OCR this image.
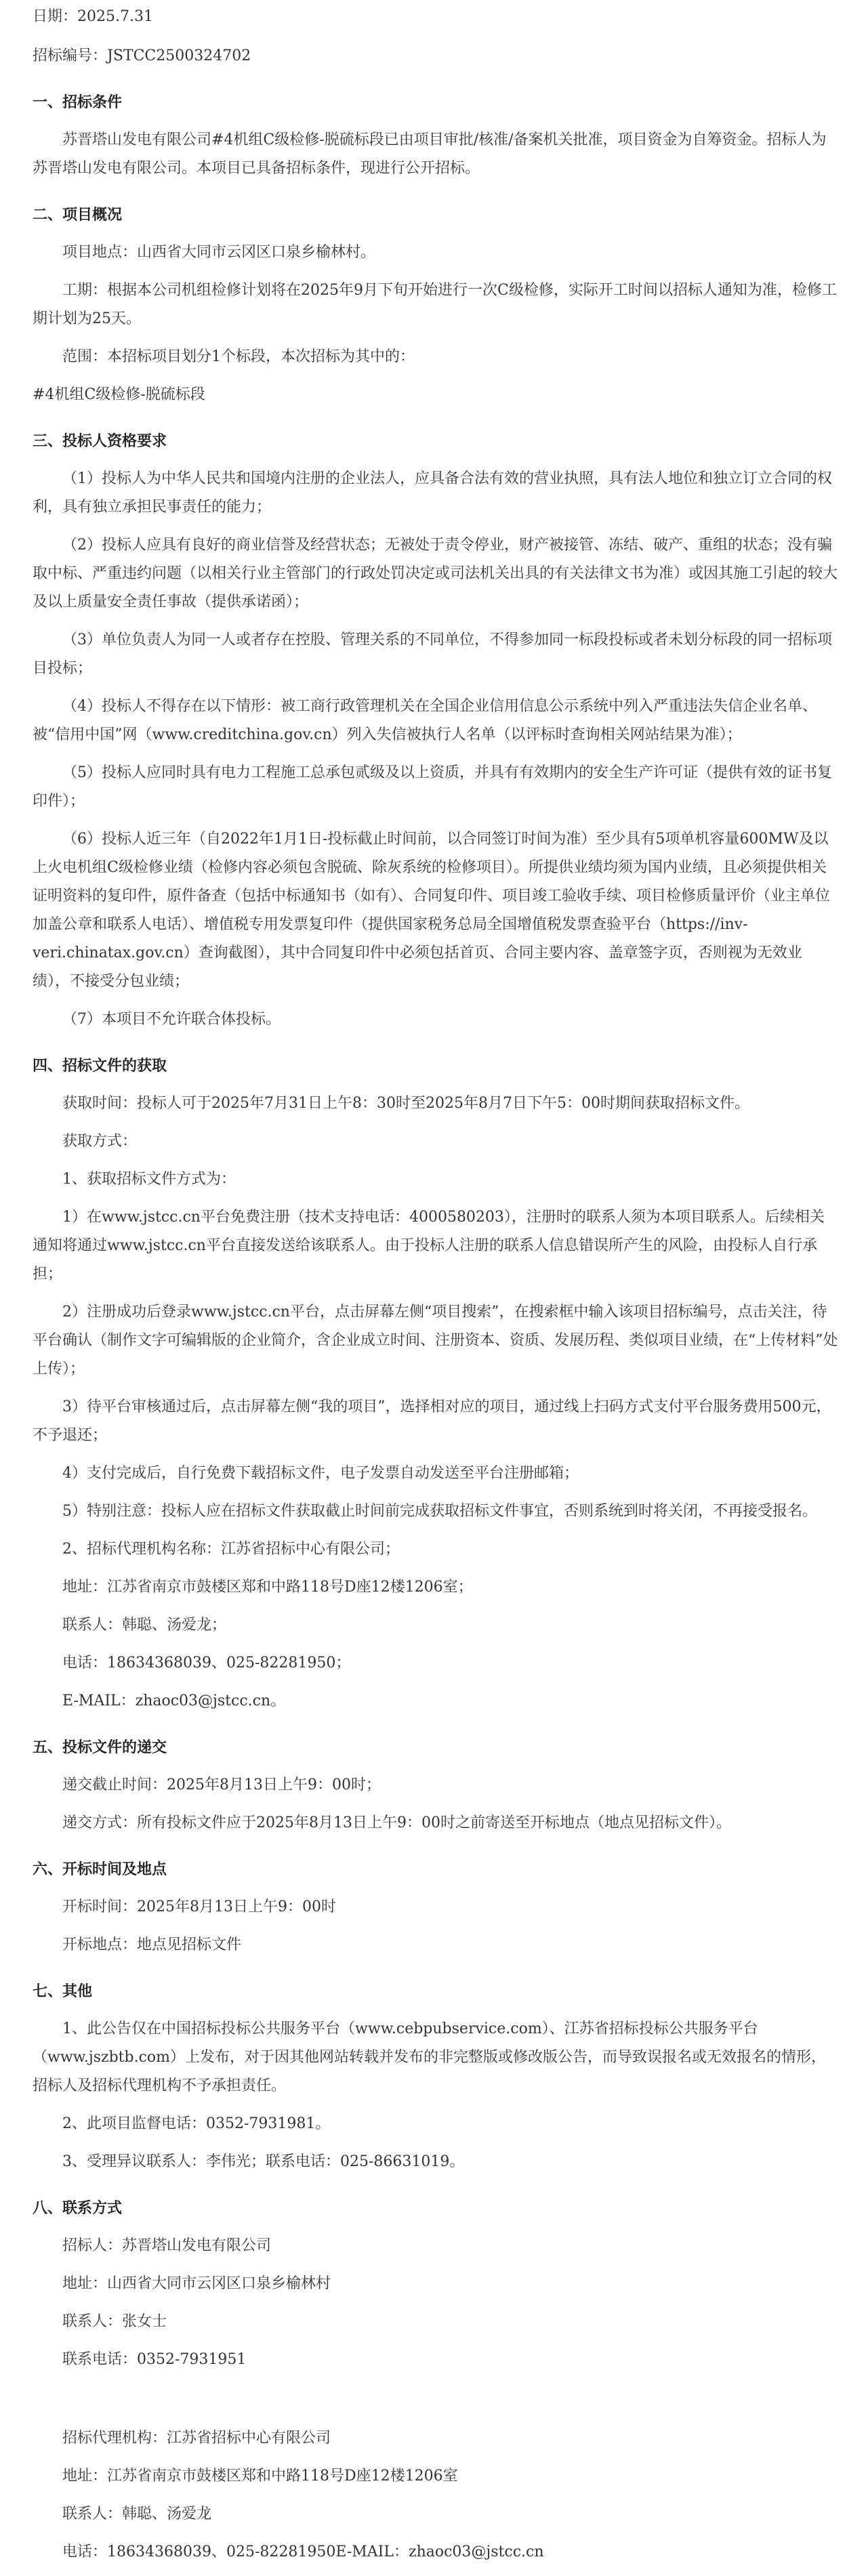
日期：2025.7.31
招标编号：JSTCC2500324702
一、招标条件
苏晋塔山发电有限公司#4机组C级检修-脱硫标段已由项目审批/核准/备案机关批准，项目资金为自筹资金。招标人为苏晋塔山发电有限公司。本项目已具备招标条件，现进行公开招标。
二、项目概况
项目地点：山西省大同市云冈区口泉乡榆林村。
工期：根据本公司机组检修计划将在2025年9月下旬开始进行一次C级检修，实际开工时间以招标人通知为准，检修工期计划为25天。
范围：本招标项目划分1个标段，本次招标为其中的：
#4机组C级检修-脱硫标段
三、投标人资格要求
（1）投标人为中华人民共和国境内注册的企业法人，应具备合法有效的营业执照，具有法人地位和独立订立合同的权利，具有独立承担民事责任的能力；
（2）投标人应具有良好的商业信誉及经营状态；无被处于责令停业，财产被接管、冻结、破产、重组的状态；没有骗取中标、严重违约问题（以相关行业主管部门的行政处罚决定或司法机关出具的有关法律文书为准）或因其施工引起的较大及以上质量安全责任事故（提供承诺函）；
（3）单位负责人为同一人或者存在控股、管理关系的不同单位，不得参加同一标段投标或者未划分标段的同一招标项目投标；
（4）投标人不得存在以下情形：被工商行政管理机关在全国企业信用信息公示系统中列入严重违法失信企业名单、被“信用中国”网（www.creditchina.gov.cn）列入失信被执行人名单（以评标时查询相关网站结果为准）；
（5）投标人应同时具有电力工程施工总承包贰级及以上资质，并具有有效期内的安全生产许可证（提供有效的证书复印件）；
（6）投标人近三年（自2022年1月1日-投标截止时间前，以合同签订时间为准）至少具有5项单机容量600MW及以上火电机组C级检修业绩（检修内容必须包含脱硫、除灰系统的检修项目）。所提供业绩均须为国内业绩，且必须提供相关证明资料的复印件，原件备查（包括中标通知书（如有）、合同复印件、项目竣工验收手续、项目检修质量评价（业主单位加盖公章和联系人电话）、增值税专用发票复印件（提供国家税务总局全国增值税发票查验平台（https://inv-veri.chinatax.gov.cn）查询截图），其中合同复印件中必须包括首页、合同主要内容、盖章签字页，否则视为无效业绩），不接受分包业绩；
（7）本项目不允许联合体投标。
四、招标文件的获取
获取时间：投标人可于2025年7月31日上午8：30时至2025年8月7日下午5：00时期间获取招标文件。
获取方式：
1、获取招标文件方式为：
1）在www.jstcc.cn平台免费注册（技术支持电话：4000580203），注册时的联系人须为本项目联系人。后续相关通知将通过www.jstcc.cn平台直接发送给该联系人。由于投标人注册的联系人信息错误所产生的风险，由投标人自行承担；
2）注册成功后登录www.jstcc.cn平台，点击屏幕左侧“项目搜索”，在搜索框中输入该项目招标编号，点击关注，待平台确认（制作文字可编辑版的企业简介，含企业成立时间、注册资本、资质、发展历程、类似项目业绩，在“上传材料”处上传）；
3）待平台审核通过后，点击屏幕左侧“我的项目”，选择相对应的项目，通过线上扫码方式支付平台服务费用500元，不予退还；
4）支付完成后，自行免费下载招标文件，电子发票自动发送至平台注册邮箱；
5）特别注意：投标人应在招标文件获取截止时间前完成获取招标文件事宜，否则系统到时将关闭，不再接受报名。
2、招标代理机构名称：江苏省招标中心有限公司；
地址：江苏省南京市鼓楼区郑和中路118号D座12楼1206室；
联系人：韩聪、汤爱龙；
电话：18634368039、025-82281950；
E-MAIL：zhaoc03@jstcc.cn。
五、投标文件的递交
递交截止时间：2025年8月13日上午9：00时；
递交方式：所有投标文件应于2025年8月13日上午9：00时之前寄送至开标地点（地点见招标文件）。
六、开标时间及地点
开标时间：2025年8月13日上午9：00时
开标地点：地点见招标文件
七、其他
1、此公告仅在中国招标投标公共服务平台（www.cebpubservice.com）、江苏省招标投标公共服务平台（www.jszbtb.com）上发布，对于因其他网站转载并发布的非完整版或修改版公告，而导致误报名或无效报名的情形，招标人及招标代理机构不予承担责任。
2、此项目监督电话：0352-7931981。
3、受理异议联系人：李伟光；联系电话：025-86631019。
八、联系方式
招标人：苏晋塔山发电有限公司
地址：山西省大同市云冈区口泉乡榆林村
联系人：张女士
联系电话：0352-7931951
招标代理机构：江苏省招标中心有限公司
地址：江苏省南京市鼓楼区郑和中路118号D座12楼1206室
联系人：韩聪、汤爱龙
电话：18634368039、025-82281950E-MAIL：zhaoc03@jstcc.cn
